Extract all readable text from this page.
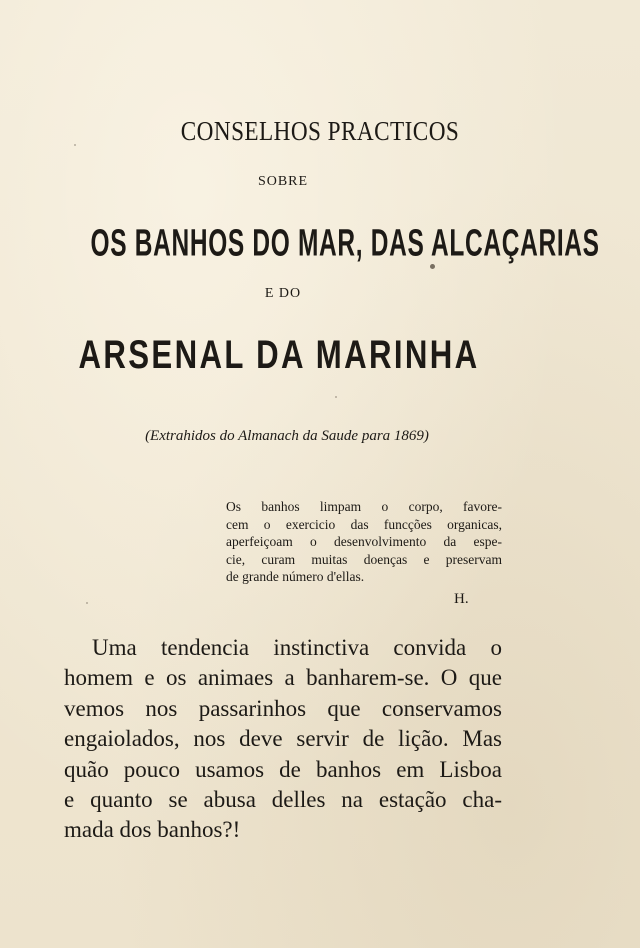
CONSELHOS PRACTICOS
SOBRE
OS BANHOS DO MAR, DAS ALCAÇARIAS
E DO
ARSENAL DA MARINHA
(Extrahidos do Almanach da Saude para 1869)
Os banhos limpam o corpo, favore-
cem o exercicio das funcções organicas,
aperfeiçoam o desenvolvimento da espe-
cie, curam muitas doenças e preservam
de grande número d'ellas.
H.
Uma tendencia instinctiva convida o
homem e os animaes a banharem-se. O que
vemos nos passarinhos que conservamos
engaiolados, nos deve servir de lição. Mas
quão pouco usamos de banhos em Lisboa
e quanto se abusa delles na estação cha-
mada dos banhos?!
